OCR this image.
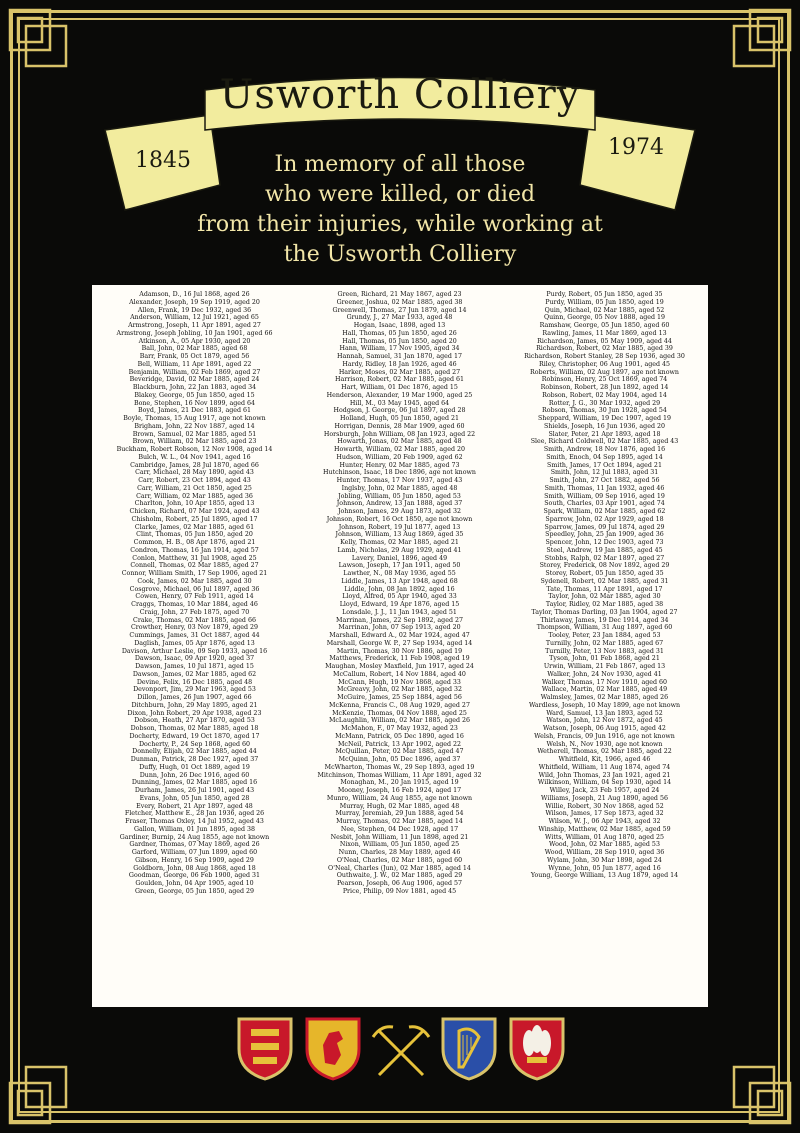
Usworth Colliery
1845
1974
In memory of all those
who were killed, or died
from their injuries, while working at
the Usworth Colliery
Adamson, D., 16 Jul 1868, aged 26
Alexander, Joseph, 19 Sep 1919, aged 20
Allen, Frank, 19 Dec 1932, aged 36
Anderson, William, 12 Jul 1921, aged 65
Armstrong, Joseph, 11 Apr 1891, aged 27
Armstrong, Joseph Jobling, 10 Jan 1901, aged 66
Atkinson, A., 05 Apr 1930, aged 20
Ball, John, 02 Mar 1885, aged 68
Barr, Frank, 05 Oct 1879, aged 56
Bell, William, 11 Apr 1891, aged 22
Benjamin, William, 02 Feb 1869, aged 27
Beveridge, David, 02 Mar 1885, aged 24
Blackburn, John, 22 Jan 1883, aged 34
Blakey, George, 05 Jun 1850, aged 15
Bone, Stephen, 16 Nov 1899, aged 64
Boyd, James, 21 Dec 1883, aged 61
Boyle, Thomas, 15 Aug 1917, age not known
Brigham, John, 22 Nov 1887, aged 14
Brown, Samuel, 02 Mar 1885, aged 51
Brown, William, 02 Mar 1885, aged 23
Buckham, Robert Robson, 12 Nov 1908, aged 14
Bulch, W. L., 04 Nov 1941, aged 16
Cambridge, James, 28 Jul 1870, aged 66
Carr, Michael, 28 May 1890, aged 43
Carr, Robert, 23 Oct 1894, aged 43
Carr, William, 21 Oct 1850, aged 25
Carr, William, 02 Mar 1885, aged 36
Charlton, John, 10 Apr 1855, aged 13
Chicken, Richard, 07 Mar 1924, aged 43
Chisholm, Robert, 25 Jul 1895, aged 17
Clarke, James, 02 Mar 1885, aged 61
Clint, Thomas, 05 Jun 1850, aged 20
Common, H. B., 08 Apr 1876, aged 21
Condron, Thomas, 16 Jan 1914, aged 57
Conlon, Matthew, 31 Jul 1908, aged 25
Connell, Thomas, 02 Mar 1885, aged 27
Connor, William Smith, 17 Sep 1906, aged 21
Cook, James, 02 Mar 1885, aged 30
Cosgrove, Michael, 06 Jul 1897, aged 36
Cowen, Henry, 07 Feb 1911, aged 14
Craggs, Thomas, 10 Mar 1884, aged 46
Craig, John, 27 Feb 1875, aged 70
Crake, Thomas, 02 Mar 1885, aged 66
Crowther, Henry, 03 Nov 1879, aged 29
Cummings, James, 31 Oct 1887, aged 44
Daglish, James, 05 Apr 1876, aged 13
Davison, Arthur Leslie, 09 Sep 1933, aged 16
Dawson, Isaac, 09 Apr 1920, aged 37
Dawson, James, 10 Jul 1871, aged 15
Dawson, James, 02 Mar 1885, aged 62
Devine, Felix, 16 Dec 1885, aged 48
Devonport, Jim, 29 Mar 1963, aged 53
Dillon, James, 26 Jun 1907, aged 66
Ditchburn, John, 29 May 1895, aged 21
Dixon, John Robert, 29 Apr 1938, aged 23
Dobson, Heath, 27 Apr 1870, aged 53
Dobson, Thomas, 02 Mar 1885, aged 18
Docherty, Edward, 19 Oct 1870, aged 17
Docherty, P., 24 Sep 1868, aged 60
Donnelly, Elijah, 02 Mar 1885, aged 44
Dunman, Patrick, 28 Dec 1927, aged 37
Duffy, Hugh, 01 Oct 1889, aged 19
Dunn, John, 26 Dec 1916, aged 60
Dunning, James, 02 Mar 1885, aged 16
Durham, James, 26 Jul 1901, aged 43
Evans, John, 05 Jun 1850, aged 28
Every, Robert, 21 Apr 1897, aged 48
Fletcher, Matthew E., 28 Jan 1936, aged 26
Fraser, Thomas Oxley, 14 Jul 1952, aged 43
Gallon, William, 01 Jun 1895, aged 38
Gardiner, Burnip, 24 Aug 1855, age not known
Gardner, Thomas, 07 May 1869, aged 26
Garford, William, 07 Jun 1899, aged 60
Gibson, Henry, 16 Sep 1909, aged 29
Goldborn, John, 08 Aug 1868, aged 18
Goodman, George, 06 Feb 1900, aged 31
Goulden, John, 04 Apr 1905, aged 10
Green, George, 05 Jun 1850, aged 29
Green, Richard, 21 May 1867, aged 23
Greener, Joshua, 02 Mar 1885, aged 38
Greenwell, Thomas, 27 Jun 1879, aged 14
Grundy, J., 27 Mar 1933, aged 48
Hogan, Isaac, 1898, aged 13
Hall, Thomas, 05 Jun 1850, aged 26
Hall, Thomas, 05 Jun 1850, aged 20
Hann, William, 17 Nov 1905, aged 34
Hannah, Samuel, 31 Jan 1870, aged 17
Hardy, Ridley, 18 Jan 1926, aged 46
Harker, Moses, 02 Mar 1885, aged 27
Harrison, Robert, 02 Mar 1885, aged 61
Hart, William, 01 Dec 1876, aged 15
Henderson, Alexander, 19 Mar 1900, aged 25
Hill, M., 03 May 1945, aged 64
Hodgson, J. George, 06 Jul 1897, aged 28
Holland, Hugh, 05 Jun 1850, aged 21
Horrigan, Dennis, 28 Mar 1909, aged 60
Horsburgh, John William, 08 Jan 1923, aged 22
Howarth, Jonas, 02 Mar 1885, aged 48
Howarth, William, 02 Mar 1885, aged 20
Hudson, William, 20 Feb 1909, aged 62
Hunter, Henry, 02 Mar 1885, aged 73
Hutchinson, Isaac, 18 Dec 1896, age not known
Hunter, Thomas, 17 Nov 1937, aged 43
Inglsby, John, 02 Mar 1885, aged 48
Jobling, William, 05 Jun 1850, aged 53
Johnson, Andrew, 13 Jan 1888, aged 37
Johnson, James, 29 Aug 1873, aged 32
Johnson, Robert, 16 Oct 1850, age not known
Johnson, Robert, 19 Jul 1877, aged 13
Johnson, William, 13 Aug 1869, aged 35
Kelly, Thomas, 02 Mar 1885, aged 21
Lamb, Nicholas, 29 Aug 1929, aged 41
Lavery, Daniel, 1896, aged 49
Lawson, Joseph, 17 Jan 1911, aged 50
Lawther, N., 08 May 1936, aged 55
Liddle, James, 13 Apr 1948, aged 68
Liddle, John, 08 Jan 1892, aged 16
Lloyd, Alfred, 05 Apr 1940, aged 33
Lloyd, Edward, 19 Apr 1876, aged 15
Lonsdale, J. J., 11 Jan 1943, aged 51
Marrinan, James, 22 Sep 1892, aged 27
Marrinan, John, 07 Sep 1913, aged 20
Marshall, Edward A., 02 Mar 1924, aged 47
Marshall, George W. P., 27 Sep 1934, aged 14
Martin, Thomas, 30 Nov 1886, aged 19
Matthews, Frederick, 11 Feb 1908, aged 19
Maughan, Mosley Maxfield, Jun 1917, aged 24
McCallum, Robert, 14 Nov 1884, aged 40
McCann, Hugh, 19 Nov 1868, aged 33
McGreavy, John, 02 Mar 1885, aged 32
McGuire, James, 25 Sep 1884, aged 56
McKenna, Francis C., 08 Aug 1929, aged 27
McKenzie, Thomas, 04 Nov 1888, aged 25
McLaughlin, William, 02 Mar 1885, aged 26
McMahon, F., 07 May 1932, aged 23
McMann, Patrick, 05 Dec 1890, aged 16
McNeil, Patrick, 13 Apr 1902, aged 22
McQuillan, Peter, 02 Mar 1885, aged 47
McQuinn, John, 05 Dec 1896, aged 37
McWharton, Thomas W., 29 Sep 1893, aged 19
Mitchinson, Thomas William, 11 Apr 1891, aged 32
Monaghan, M., 20 Jan 1915, aged 19
Mooney, Joseph, 16 Feb 1924, aged 17
Munro, William, 24 Aug 1855, age not known
Murray, Hugh, 02 Mar 1885, aged 48
Murray, Jeremiah, 29 Jun 1888, aged 54
Murray, Thomas, 02 Mar 1885, aged 14
Nee, Stephen, 04 Dec 1928, aged 17
Nesbit, John William, 11 Jun 1898, aged 21
Nixon, William, 05 Jun 1850, aged 25
Nunn, Charles, 28 May 1889, aged 46
O'Neal, Charles, 02 Mar 1885, aged 60
O'Neal, Charles (Jun), 02 Mar 1885, aged 14
Outhwaite, J. W., 02 Mar 1885, aged 29
Pearson, Joseph, 06 Aug 1906, aged 57
Price, Philip, 09 Nov 1881, aged 45
Purdy, Robert, 05 Jun 1850, aged 35
Purdy, William, 05 Jun 1850, aged 19
Quin, Michael, 02 Mar 1885, aged 52
Quinn, George, 05 Nov 1888, aged 19
Ramshaw, George, 05 Jun 1850, aged 60
Rawling, James, 11 Mar 1869, aged 13
Richardson, James, 05 May 1909, aged 44
Richardson, Robert, 02 Mar 1885, aged 39
Richardson, Robert Stanley, 28 Sep 1936, aged 30
Riley, Christopher, 06 Aug 1901, aged 45
Roberts, William, 02 Aug 1897, age not known
Robinson, Henry, 25 Oct 1869, aged 74
Robinson, Robert, 28 Jun 1892, aged 14
Robson, Robert, 02 May 1904, aged 14
Rotter, J. G., 30 Mar 1932, aged 29
Robson, Thomas, 30 Jun 1928, aged 54
Sheppard, William, 19 Dec 1907, aged 19
Shields, Joseph, 16 Jun 1936, aged 20
Slater, Peter, 21 Apr 1893, aged 18
Slee, Richard Coldwell, 02 Mar 1885, aged 43
Smith, Andrew, 18 Nov 1876, aged 16
Smith, Enoch, 04 Sep 1895, aged 14
Smith, James, 17 Oct 1894, aged 21
Smith, John, 12 Jul 1883, aged 31
Smith, John, 27 Oct 1882, aged 56
Smith, Thomas, 11 Jan 1932, aged 46
Smith, William, 09 Sep 1916, aged 19
South, Charles, 03 Apr 1901, aged 74
Spark, William, 02 Mar 1885, aged 62
Sparrow, John, 02 Apr 1929, aged 18
Sparrow, James, 09 Jul 1874, aged 29
Speedley, John, 25 Jan 1909, aged 36
Spencer, John, 12 Dec 1903, aged 73
Steel, Andrew, 19 Jan 1885, aged 45
Stobbs, Ralph, 02 Mar 1897, aged 27
Storey, Frederick, 08 Nov 1892, aged 29
Storey, Robert, 05 Jun 1850, aged 35
Sydenell, Robert, 02 Mar 1885, aged 31
Tate, Thomas, 11 Apr 1891, aged 17
Taylor, John, 02 Mar 1885, aged 30
Taylor, Ridley, 02 Mar 1885, aged 38
Taylor, Thomas Darling, 03 Jan 1904, aged 27
Thirlaway, James, 19 Dec 1914, aged 34
Thompson, William, 31 Aug 1897, aged 60
Tooley, Peter, 23 Jan 1884, aged 53
Turnilly, John, 02 Mar 1885, aged 67
Turnilly, Peter, 13 Nov 1883, aged 31
Tyson, John, 01 Feb 1868, aged 21
Urwin, William, 21 Feb 1867, aged 13
Walker, John, 24 Nov 1930, aged 41
Walker, Thomas, 17 Nov 1910, aged 60
Wallace, Martin, 02 Mar 1885, aged 49
Walmsley, James, 02 Mar 1885, aged 26
Wardless, Joseph, 10 May 1899, age not known
Ward, Samuel, 13 Jan 1893, aged 52
Watson, John, 12 Nov 1872, aged 45
Watson, Joseph, 06 Aug 1915, aged 42
Welsh, Francis, 09 Jun 1916, age not known
Welsh, N., Nov 1930, age not known
Wetherell, Thomas, 02 Mar 1885, aged 22
Whitfield, Kit, 1966, aged 46
Whitfield, William, 11 Aug 1874, aged 74
Wild, John Thomas, 23 Jan 1921, aged 21
Wilkinson, William, 04 Sep 1930, aged 14
Willey, Jack, 23 Feb 1957, aged 24
Williams, Joseph, 21 Aug 1890, aged 56
Willie, Robert, 30 Nov 1868, aged 52
Wilson, James, 17 Sep 1873, aged 32
Wilson, W. J., 06 Apr 1943, aged 32
Winship, Matthew, 02 Mar 1885, aged 59
Witts, William, 01 Aug 1870, aged 25
Wood, John, 02 Mar 1885, aged 53
Wood, William, 28 Sep 1910, aged 36
Wylam, John, 30 Mar 1898, aged 24
Wynne, John, 05 Jun 1877, aged 16
Young, George William, 13 Aug 1879, aged 14
